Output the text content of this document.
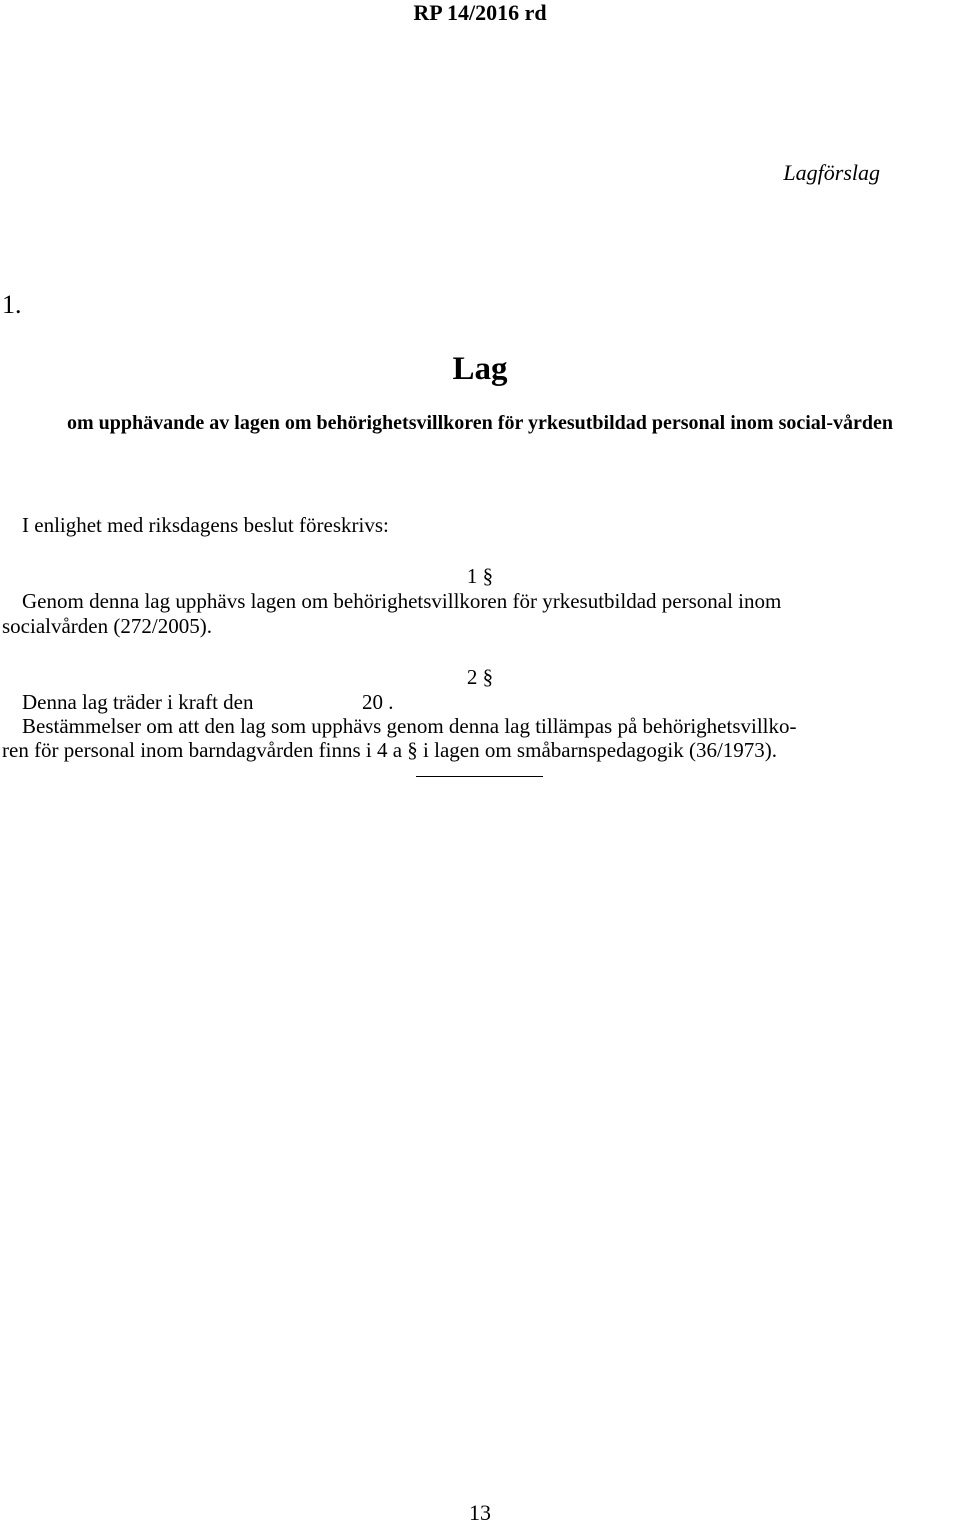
RP 14/2016 rd
Lagförslag
1.
Lag
om upphävande av lagen om behörighetsvillkoren för yrkesutbildad personal inom social-vården
I enlighet med riksdagens beslut föreskrivs:
1 §
Genom denna lag upphävs lagen om behörighetsvillkoren för yrkesutbildad personal inom
socialvården (272/2005).
2 §
Denna lag träder i kraft den	20 .
Bestämmelser om att den lag som upphävs genom denna lag tillämpas på behörighetsvillko-
ren för personal inom barndagvården finns i 4 a § i lagen om småbarnspedagogik (36/1973).
13
